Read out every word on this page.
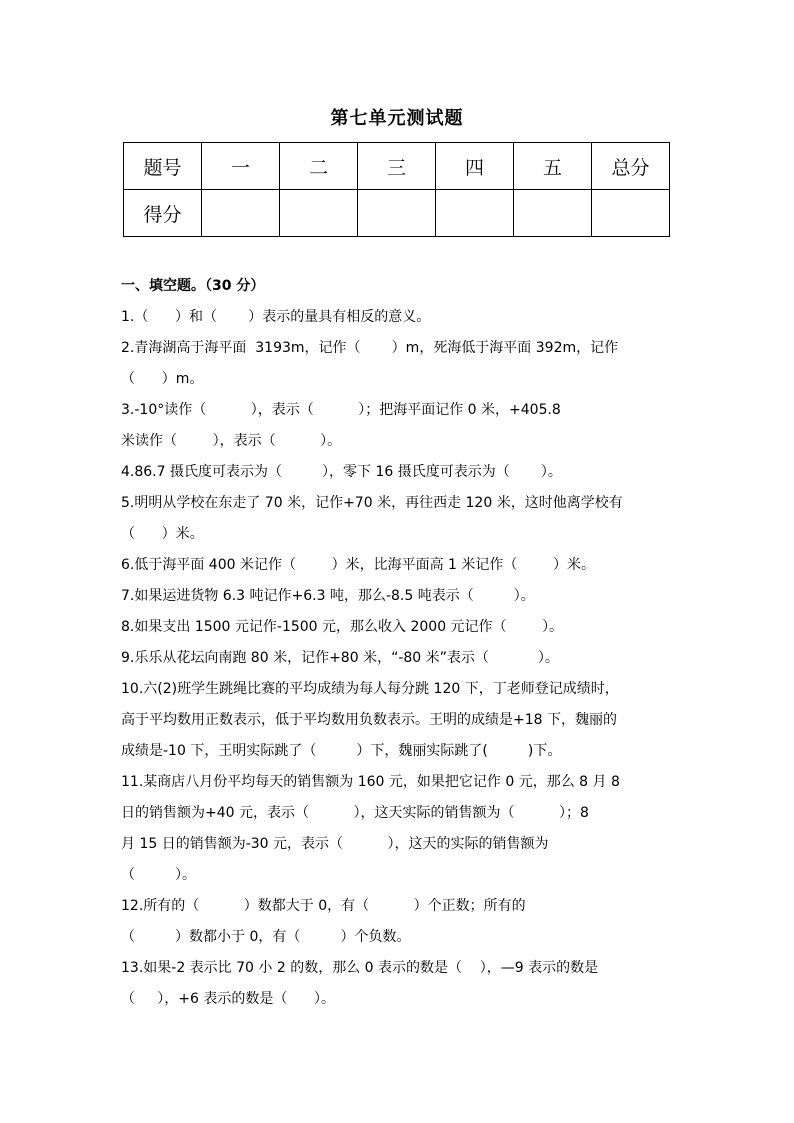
第七单元测试题
题号	一	二	三	四	五	总分
得分						

一、填空题。（30 分）

1.（      ）和（       ）表示的量具有相反的意义。

2.青海湖高于海平面  3193m，记作（       ）m，死海低于海平面 392m，记作

（      ）m。

3.-10°读作（          ），表示（          ）；把海平面记作 0 米，+405.8

米读作（        ），表示（          ）。

4.86.7 摄氏度可表示为（         ），零下 16 摄氏度可表示为（       ）。

5.明明从学校在东走了 70 米，记作+70 米，再往西走 120 米，这时他离学校有

（      ）米。

6.低于海平面 400 米记作（        ）米，比海平面高 1 米记作（        ）米。

7.如果运进货物 6.3 吨记作+6.3 吨，那么-8.5 吨表示（         ）。

8.如果支出 1500 元记作-1500 元，那么收入 2000 元记作（        ）。

9.乐乐从花坛向南跑 80 米，记作+80 米，“-80 米”表示（           ）。

10.六(2)班学生跳绳比赛的平均成绩为每人每分跳 120 下，丁老师登记成绩时，

高于平均数用正数表示，低于平均数用负数表示。王明的成绩是+18 下，魏丽的

成绩是-10 下，王明实际跳了（         ）下，魏丽实际跳了(         )下。

11.某商店八月份平均每天的销售额为 160 元，如果把它记作 0 元，那么 8 月 8

日的销售额为+40 元，表示（          ），这天实际的销售额为（          ）；8

月 15 日的销售额为-30 元，表示（          ），这天的实际的销售额为

（         ）。

12.所有的（          ）数都大于 0，有（          ）个正数；所有的

（         ）数都小于 0，有（         ）个负数。

13.如果-2 表示比 70 小 2 的数，那么 0 表示的数是（    ），—9 表示的数是

（     ），+6 表示的数是（      ）。
